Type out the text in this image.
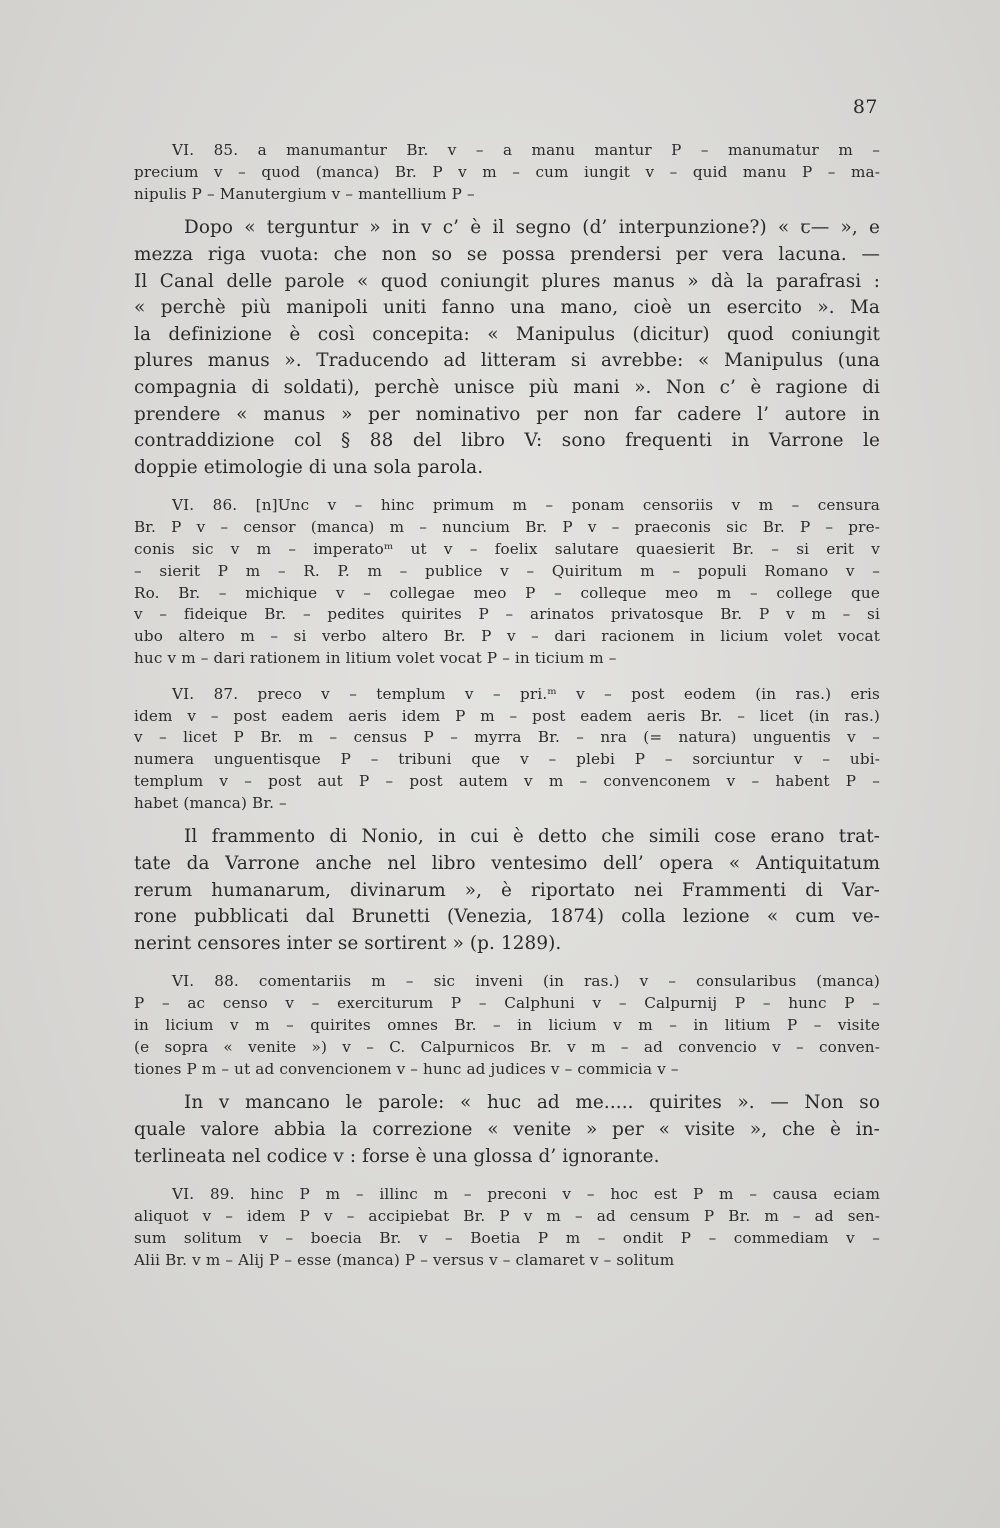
87
VI. 85. a manumantur Br. v – a manu mantur P – manumatur m –
precium v – quod (manca) Br. P v m – cum iungit v – quid manu P – ma-
nipulis P – Manutergium v – mantellium P –
Dopo « terguntur » in v c’ è il segno (d’ interpunzione?) « ꞇ— », e
mezza riga vuota: che non so se possa prendersi per vera lacuna. —
Il Canal delle parole « quod coniungit plures manus » dà la parafrasi :
« perchè più manipoli uniti fanno una mano, cioè un esercito ». Ma
la definizione è così concepita: « Manipulus (dicitur) quod coniungit
plures manus ». Traducendo ad litteram si avrebbe: « Manipulus (una
compagnia di soldati), perchè unisce più mani ». Non c’ è ragione di
prendere « manus » per nominativo per non far cadere l’ autore in
contraddizione col § 88 del libro V: sono frequenti in Varrone le
doppie etimologie di una sola parola.
VI. 86. [n]Unc v – hinc primum m – ponam censoriis v m – censura
Br. P v – censor (manca) m – nuncium Br. P v – praeconis sic Br. P – pre-
conis sic v m – imperatoᵐ ut v – foelix salutare quaesierit Br. – si erit v
– sierit P m – R. P. m – publice v – Quiritum m – populi Romano v –
Ro. Br. – michique v – collegae meo P – colleque meo m – college que
v – fideique Br. – pedites quirites P – arinatos privatosque Br. P v m – si
ubo altero m – si verbo altero Br. P v – dari racionem in licium volet vocat
huc v m – dari rationem in litium volet vocat P – in ticium m –
VI. 87. preco v – templum v – pri.ᵐ v – post eodem (in ras.) eris
idem v – post eadem aeris idem P m – post eadem aeris Br. – licet (in ras.)
v – licet P Br. m – census P – myrra Br. – nra (= natura) unguentis v –
numera unguentisque P – tribuni que v – plebi P – sorciuntur v – ubi-
templum v – post aut P – post autem v m – convenconem v – habent P –
habet (manca) Br. –
Il frammento di Nonio, in cui è detto che simili cose erano trat-
tate da Varrone anche nel libro ventesimo dell’ opera « Antiquitatum
rerum humanarum, divinarum », è riportato nei Frammenti di Var-
rone pubblicati dal Brunetti (Venezia, 1874) colla lezione « cum ve-
nerint censores inter se sortirent » (p. 1289).
VI. 88. comentariis m – sic inveni (in ras.) v – consularibus (manca)
P – ac censo v – exerciturum P – Calphuni v – Calpurnij P – hunc P –
in licium v m – quirites omnes Br. – in licium v m – in litium P – visite
(e sopra « venite ») v – C. Calpurnicos Br. v m – ad convencio v – conven-
tiones P m – ut ad convencionem v – hunc ad judices v – commicia v –
In v mancano le parole: « huc ad me..... quirites ». — Non so
quale valore abbia la correzione « venite » per « visite », che è in-
terlineata nel codice v : forse è una glossa d’ ignorante.
VI. 89. hinc P m – illinc m – preconi v – hoc est P m – causa eciam
aliquot v – idem P v – accipiebat Br. P v m – ad censum P Br. m – ad sen-
sum solitum v – boecia Br. v – Boetia P m – ondit P – commediam v –
Alii Br. v m – Alij P – esse (manca) P – versus v – clamaret v – solitum
